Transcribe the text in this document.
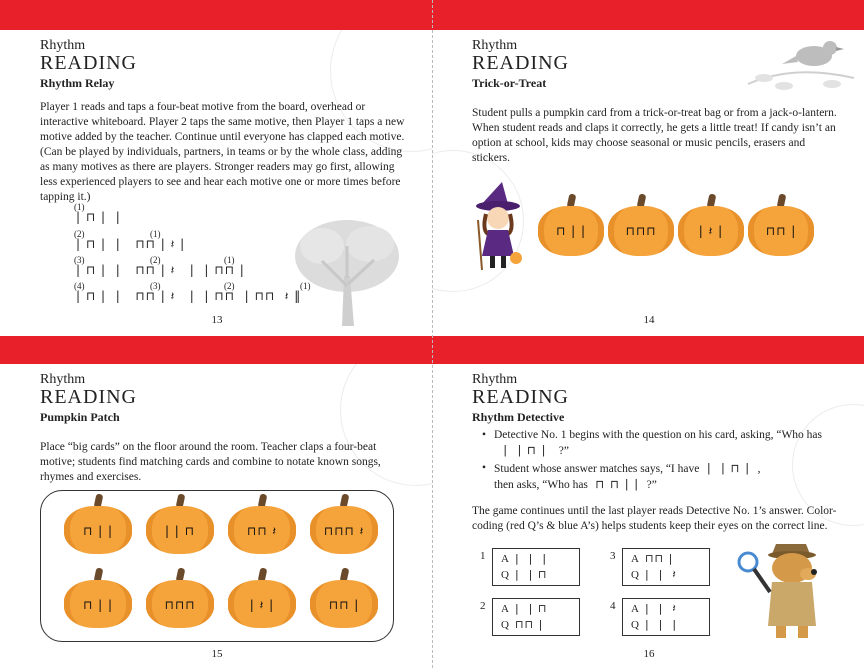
Rhythm
READING
Rhythm Relay

Player 1 reads and taps a four-beat motive from the board, overhead or interactive whiteboard. Player 2 taps the same motive, then Player 1 taps a new motive added by the teacher. Continue until everyone has clapped each motive. (Can be played by individuals, partners, in teams or by the whole class, adding as many motives as there are players. Stronger readers may go first, allowing less experienced players to see and hear each motive one or more times before tapping it.)

(1)
| ⊓ |  |
(2)
| ⊓ |  |   ⊓⊓ | 𝄽 |
(1)
(3)
| ⊓ |  |   ⊓⊓ | 𝄽   |  | ⊓⊓ |
(2)	(1)
(4)
| ⊓ |  |   ⊓⊓ | 𝄽   |  | ⊓⊓  | ⊓⊓  𝄽 ‖
(3)	(2)	(1)
13
Rhythm
READING
Trick-or-Treat

Student pulls a pumpkin card from a trick-or-treat bag or from a jack-o-lantern. When student reads and claps it correctly, he gets a little treat! If candy isn’t an option at school, kids may choose seasonal or music pencils, erasers and stickers.

⊓ | |	⊓⊓⊓	| 𝄽 |	⊓⊓ |
14
Rhythm
READING
Pumpkin Patch

Place “big cards” on the floor around the room. Teacher claps a four-beat motive; students find matching cards and combine to notate known songs, rhymes and exercises.

⊓ | |	| | ⊓	⊓⊓ 𝄽	⊓⊓⊓ 𝄽
⊓ | |	⊓⊓⊓	| 𝄽 |	⊓⊓ |
15
Rhythm
READING
Rhythm Detective
• Detective No. 1 begins with the question on his card, asking, “Who has
|  | ⊓ |   ?”
• Student whose answer matches says, “I have  |  | ⊓ |  ,
then asks, “Who has  ⊓ ⊓ | |  ?”

The game continues until the last player reads Detective No. 1’s answer. Color-coding (red Q’s & blue A’s) helps students keep their eyes on the correct line.

1 A |  |  |
Q |  | ⊓
3 A ⊓⊓ |
Q |  |  𝄽
2 A |  | ⊓
Q ⊓⊓ |
4 A |  |  𝄽
Q |  |  |
16
